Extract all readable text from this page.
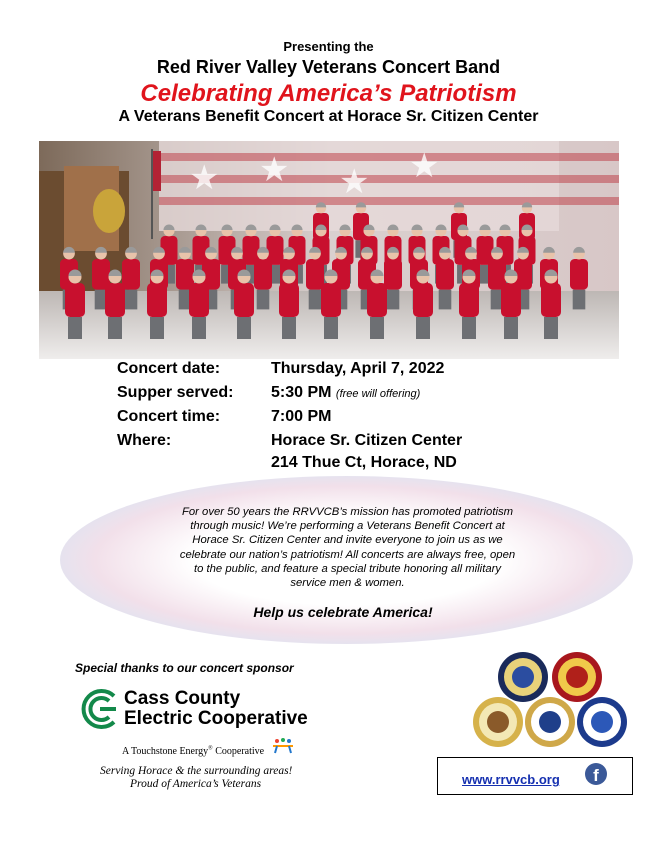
Presenting the
Red River Valley Veterans Concert Band
Celebrating America’s Patriotism
A Veterans Benefit Concert at Horace Sr. Citizen Center
★ ★ ★ ★
Concert date:	Thursday, April 7, 2022
Supper served: 5:30 PM (free will offering)
Concert time:	7:00 PM
Where:	Horace Sr. Citizen Center
214 Thue Ct, Horace, ND
For over 50 years the RRVVCB’s mission has promoted patriotism
through music! We’re performing a Veterans Benefit Concert at
Horace Sr. Citizen Center and invite everyone to join us as we
celebrate our nation’s patriotism! All concerts are always free, open
to the public, and feature a special tribute honoring all military
service men & women.
Help us celebrate America!
Special thanks to our concert sponsor
Cass County
Electric Cooperative
A Touchstone Energy® Cooperative
Serving Horace & the surrounding areas!
Proud of America’s Veterans	www.rrvvcb.org	f
